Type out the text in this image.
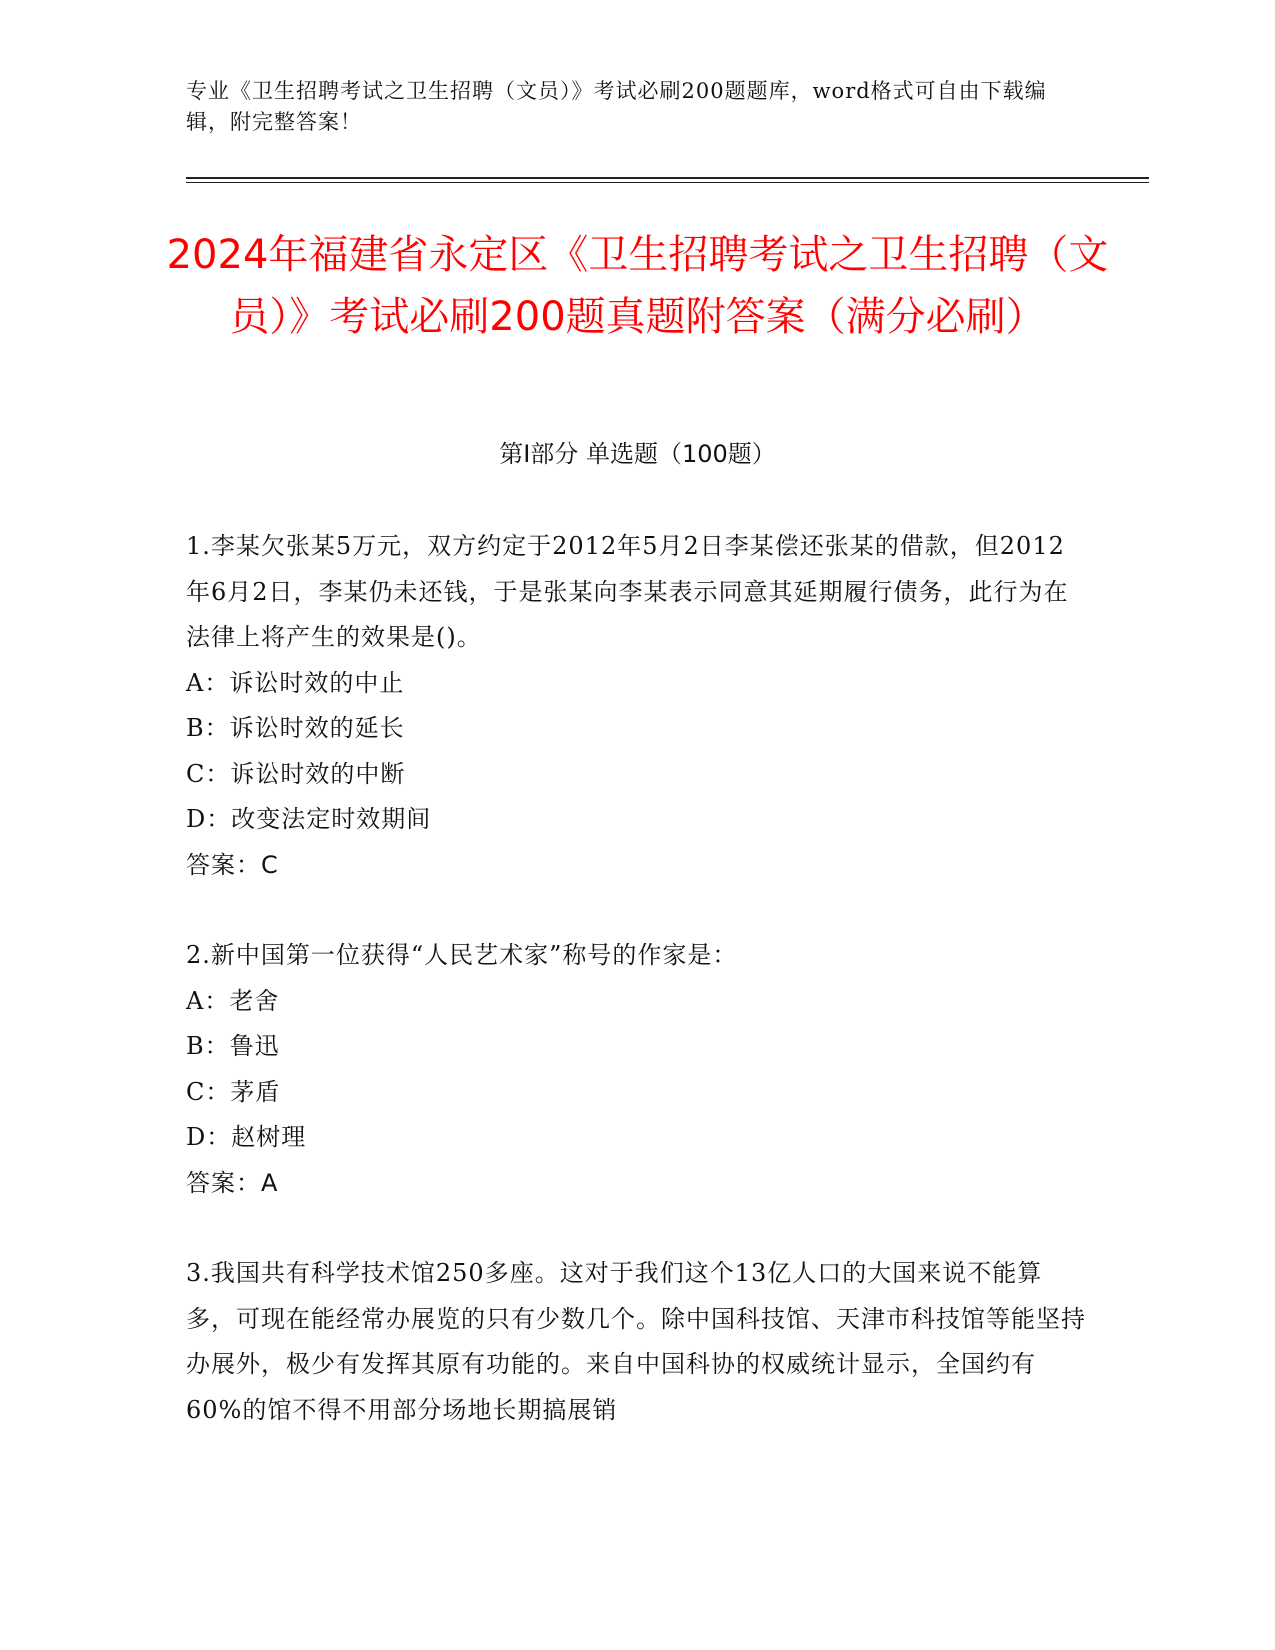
专业《卫生招聘考试之卫生招聘（文员）》考试必刷200题题库，word格式可自由下载编辑，附完整答案！
2024年福建省永定区《卫生招聘考试之卫生招聘（文员）》考试必刷200题真题附答案（满分必刷）
第I部分 单选题（100题）

1.李某欠张某5万元，双方约定于2012年5月2日李某偿还张某的借款，但2012年6月2日，李某仍未还钱，于是张某向李某表示同意其延期履行债务，此行为在法律上将产生的效果是()。

A：诉讼时效的中止

B：诉讼时效的延长

C：诉讼时效的中断

D：改变法定时效期间

答案：C

2.新中国第一位获得“人民艺术家”称号的作家是：

A：老舍

B：鲁迅

C：茅盾

D：赵树理

答案：A

3.我国共有科学技术馆250多座。这对于我们这个13亿人口的大国来说不能算多，可现在能经常办展览的只有少数几个。除中国科技馆、天津市科技馆等能坚持办展外，极少有发挥其原有功能的。来自中国科协的权威统计显示，全国约有60%的馆不得不用部分场地长期搞展销
